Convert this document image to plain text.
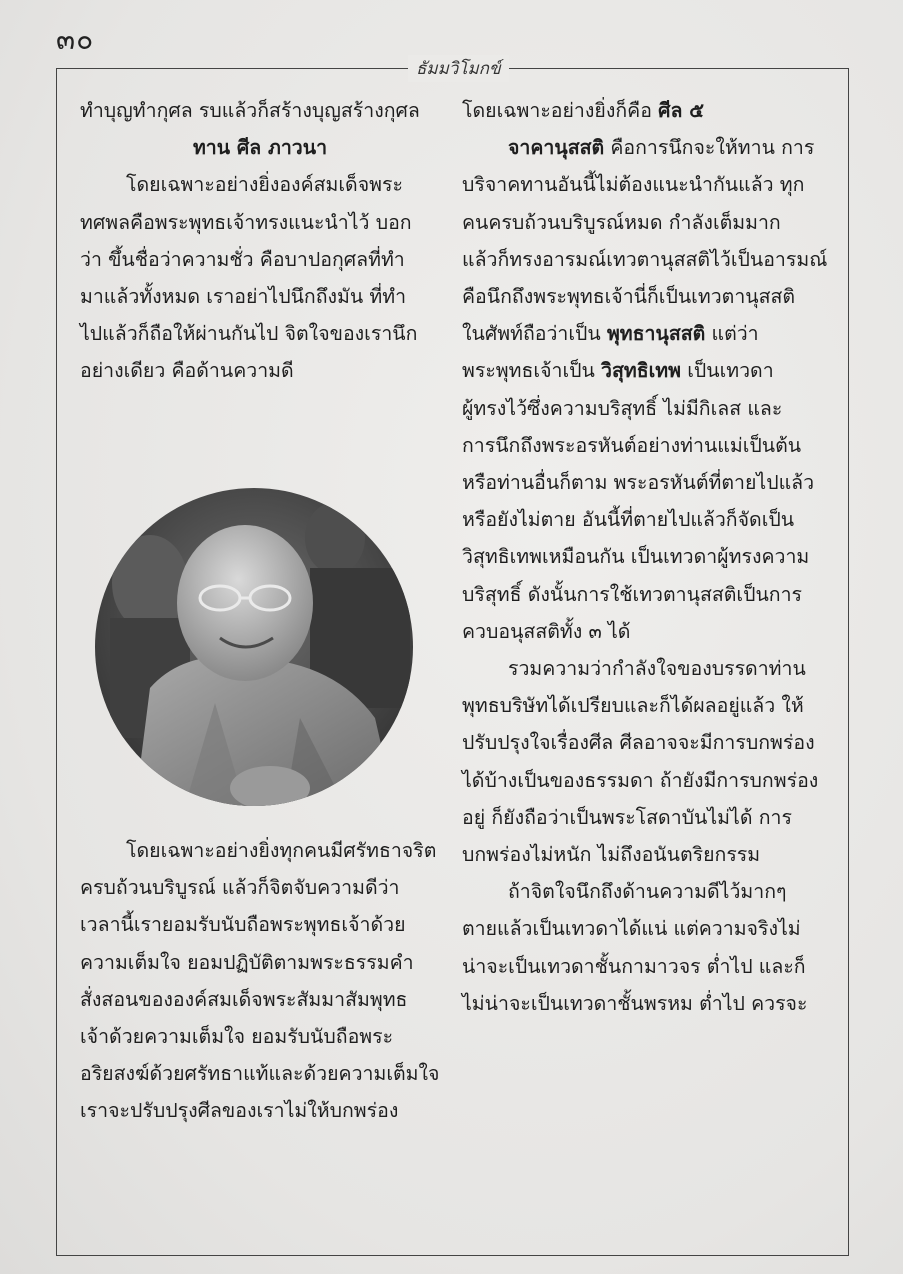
๓๐
ธัมมวิโมกข์

ทำบุญทำกุศล รบแล้วก็สร้างบุญสร้างกุศล

ทาน ศีล ภาวนา

โดยเฉพาะอย่างยิ่งองค์สมเด็จพระ

ทศพลคือพระพุทธเจ้าทรงแนะนำไว้ บอก

ว่า ขึ้นชื่อว่าความชั่ว คือบาปอกุศลที่ทำ

มาแล้วทั้งหมด เราอย่าไปนึกถึงมัน ที่ทำ

ไปแล้วก็ถือให้ผ่านกันไป จิตใจของเรานึก

อย่างเดียว คือด้านความดี

โดยเฉพาะอย่างยิ่งทุกคนมีศรัทธาจริต

ครบถ้วนบริบูรณ์ แล้วก็จิตจับความดีว่า

เวลานี้เรายอมรับนับถือพระพุทธเจ้าด้วย

ความเต็มใจ ยอมปฏิบัติตามพระธรรมคำ

สั่งสอนขององค์สมเด็จพระสัมมาสัมพุทธ

เจ้าด้วยความเต็มใจ ยอมรับนับถือพระ

อริยสงฆ์ด้วยศรัทธาแท้และด้วยความเต็มใจ

เราจะปรับปรุงศีลของเราไม่ให้บกพร่อง

โดยเฉพาะอย่างยิ่งก็คือ ศีล ๕

จาคานุสสติ คือการนึกจะให้ทาน การ

บริจาคทานอันนี้ไม่ต้องแนะนำกันแล้ว ทุก

คนครบถ้วนบริบูรณ์หมด กำลังเต็มมาก

แล้วก็ทรงอารมณ์เทวตานุสสติไว้เป็นอารมณ์

คือนึกถึงพระพุทธเจ้านี่ก็เป็นเทวตานุสสติ

ในศัพท์ถือว่าเป็น พุทธานุสสติ แต่ว่า

พระพุทธเจ้าเป็น วิสุทธิเทพ เป็นเทวดา

ผู้ทรงไว้ซึ่งความบริสุทธิ์ ไม่มีกิเลส และ

การนึกถึงพระอรหันต์อย่างท่านแม่เป็นต้น

หรือท่านอื่นก็ตาม พระอรหันต์ที่ตายไปแล้ว

หรือยังไม่ตาย อันนี้ที่ตายไปแล้วก็จัดเป็น

วิสุทธิเทพเหมือนกัน เป็นเทวดาผู้ทรงความ

บริสุทธิ์ ดังนั้นการใช้เทวตานุสสติเป็นการ

ควบอนุสสติทั้ง ๓ ได้

รวมความว่ากำลังใจของบรรดาท่าน

พุทธบริษัทได้เปรียบและก็ได้ผลอยู่แล้ว ให้

ปรับปรุงใจเรื่องศีล ศีลอาจจะมีการบกพร่อง

ได้บ้างเป็นของธรรมดา ถ้ายังมีการบกพร่อง

อยู่ ก็ยังถือว่าเป็นพระโสดาบันไม่ได้ การ

บกพร่องไม่หนัก ไม่ถึงอนันตริยกรรม

ถ้าจิตใจนึกถึงด้านความดีไว้มากๆ

ตายแล้วเป็นเทวดาได้แน่ แต่ความจริงไม่

น่าจะเป็นเทวดาชั้นกามาวจร ต่ำไป และก็

ไม่น่าจะเป็นเทวดาชั้นพรหม ต่ำไป ควรจะ
